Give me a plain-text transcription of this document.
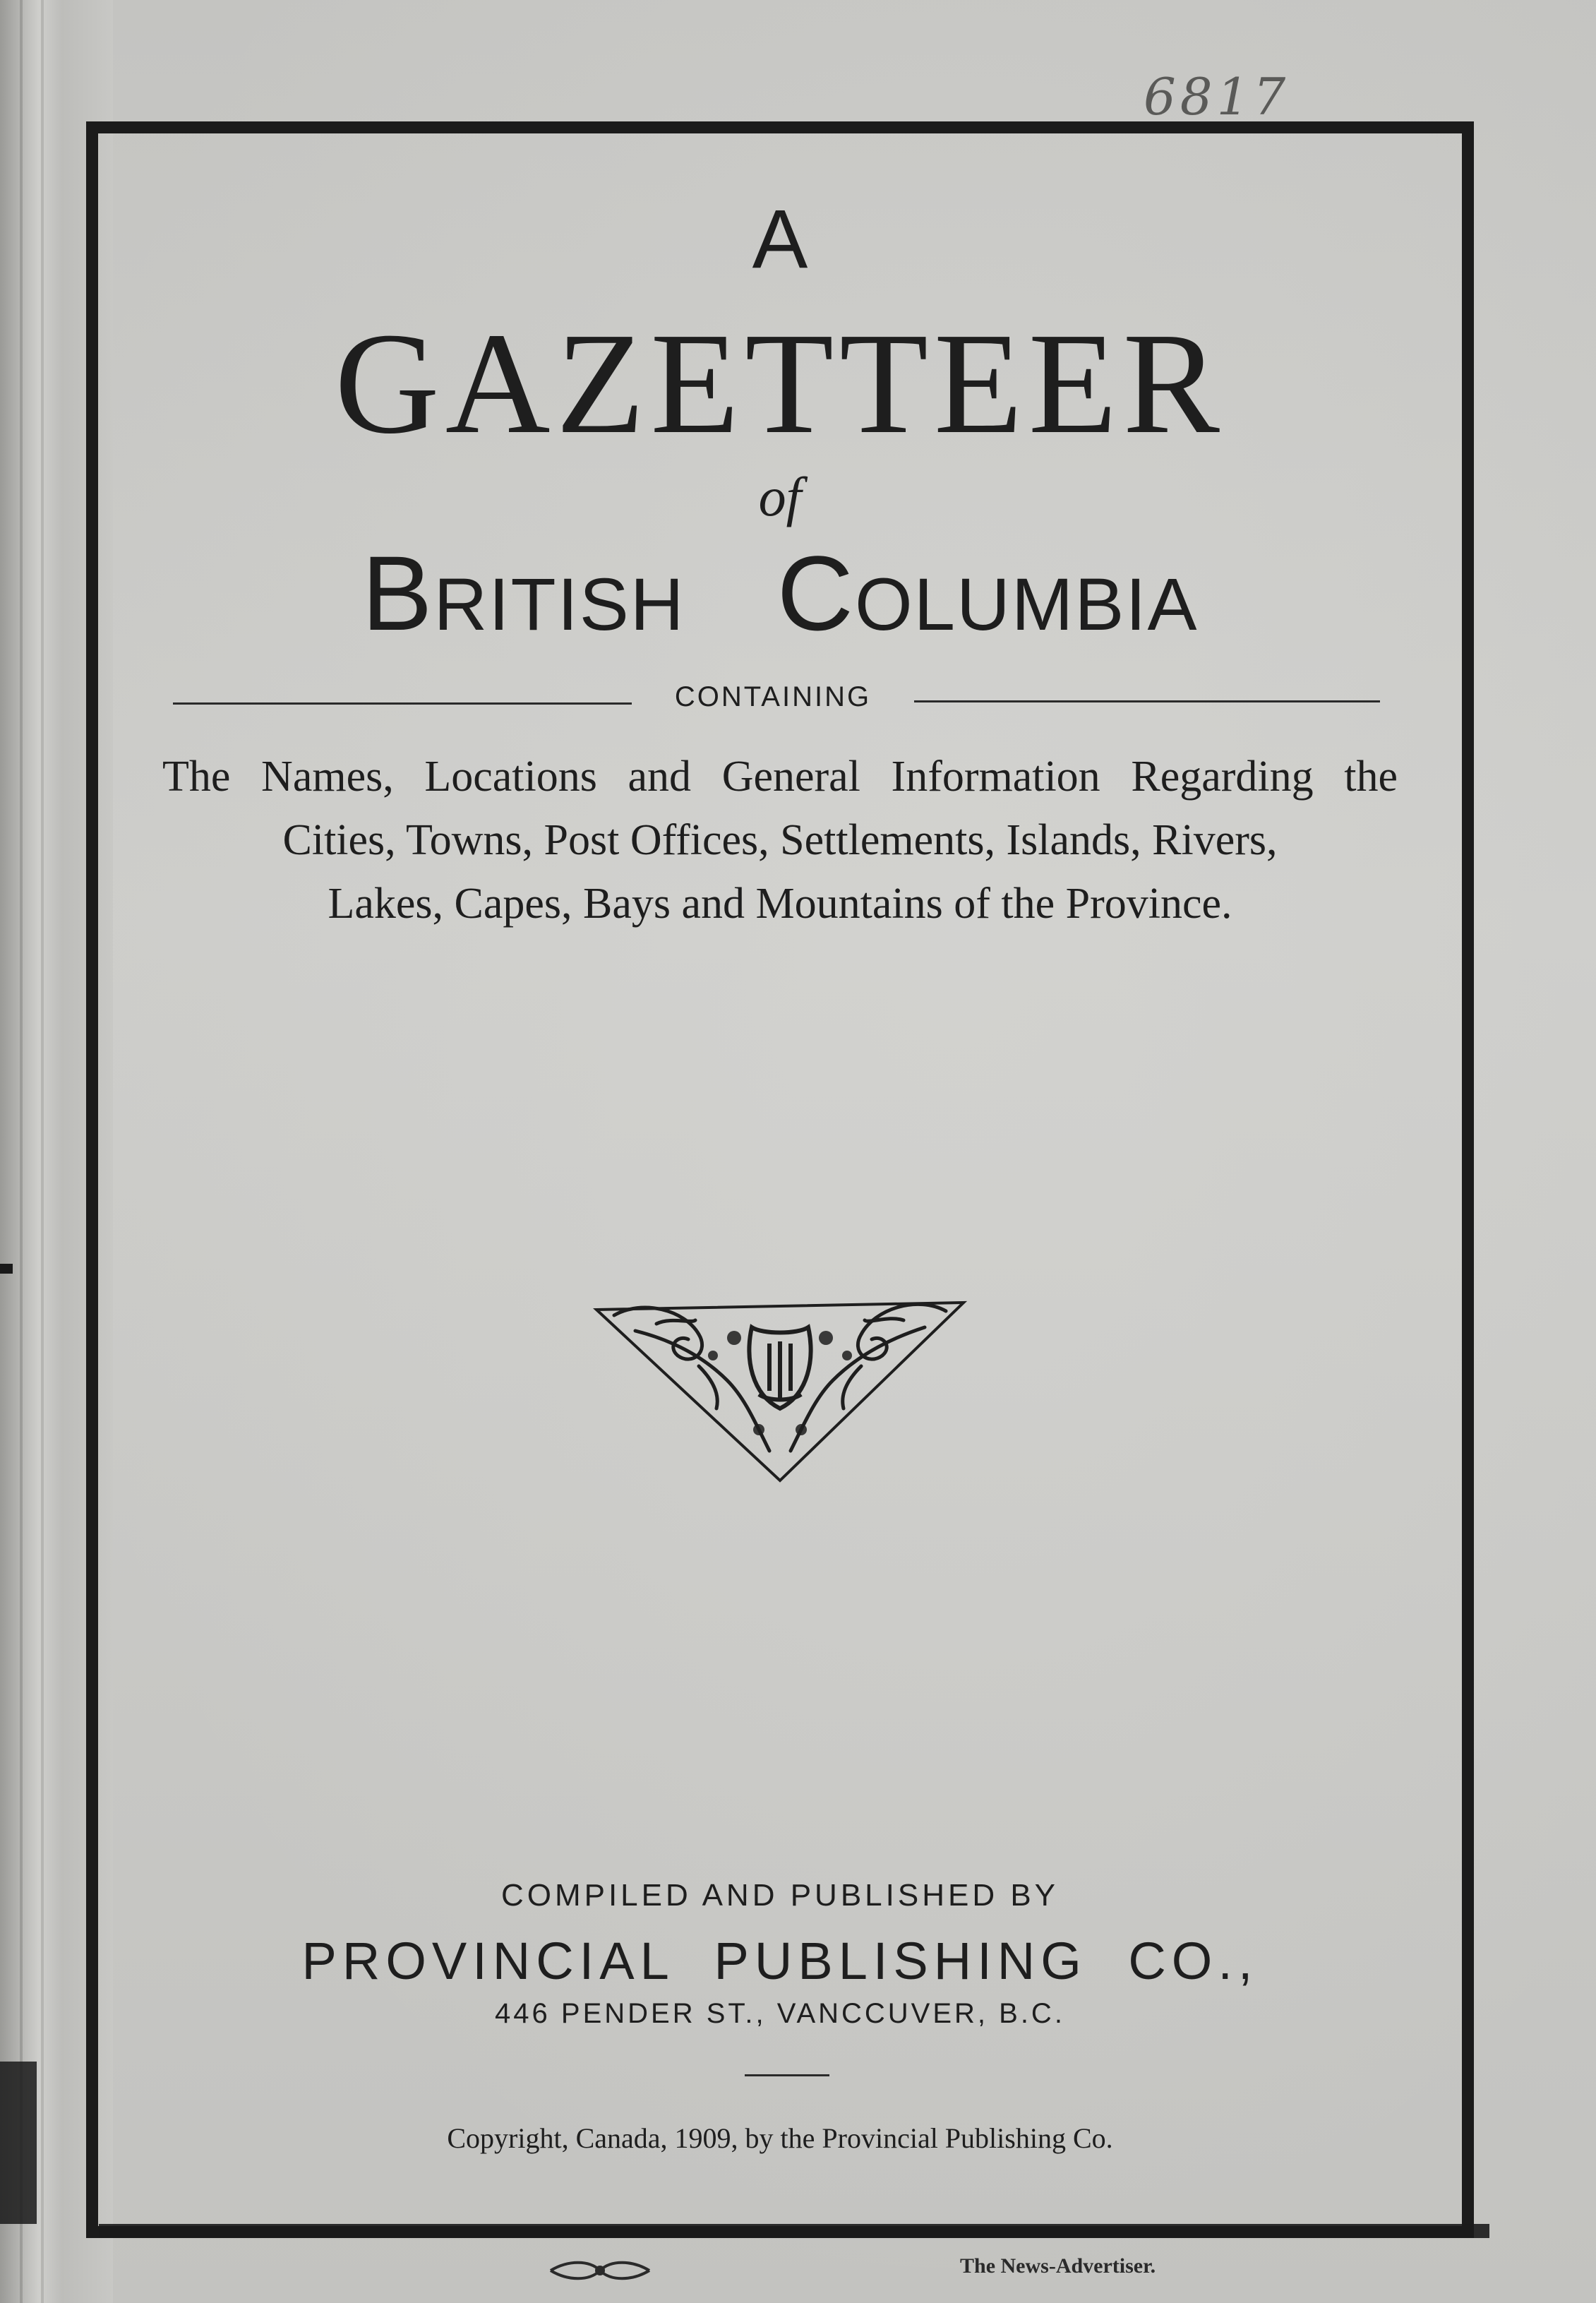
6817
A
GAZETTEER
of
British Columbia
CONTAINING
The Names, Locations and General Information Regarding the
Cities, Towns, Post Offices, Settlements, Islands, Rivers,
Lakes, Capes, Bays and Mountains of the Province.
COMPILED AND PUBLISHED BY
PROVINCIAL PUBLISHING CO.,
446 PENDER ST., VANCCUVER, B.C.
Copyright, Canada, 1909, by the Provincial Publishing Co.
The News-Advertiser.
